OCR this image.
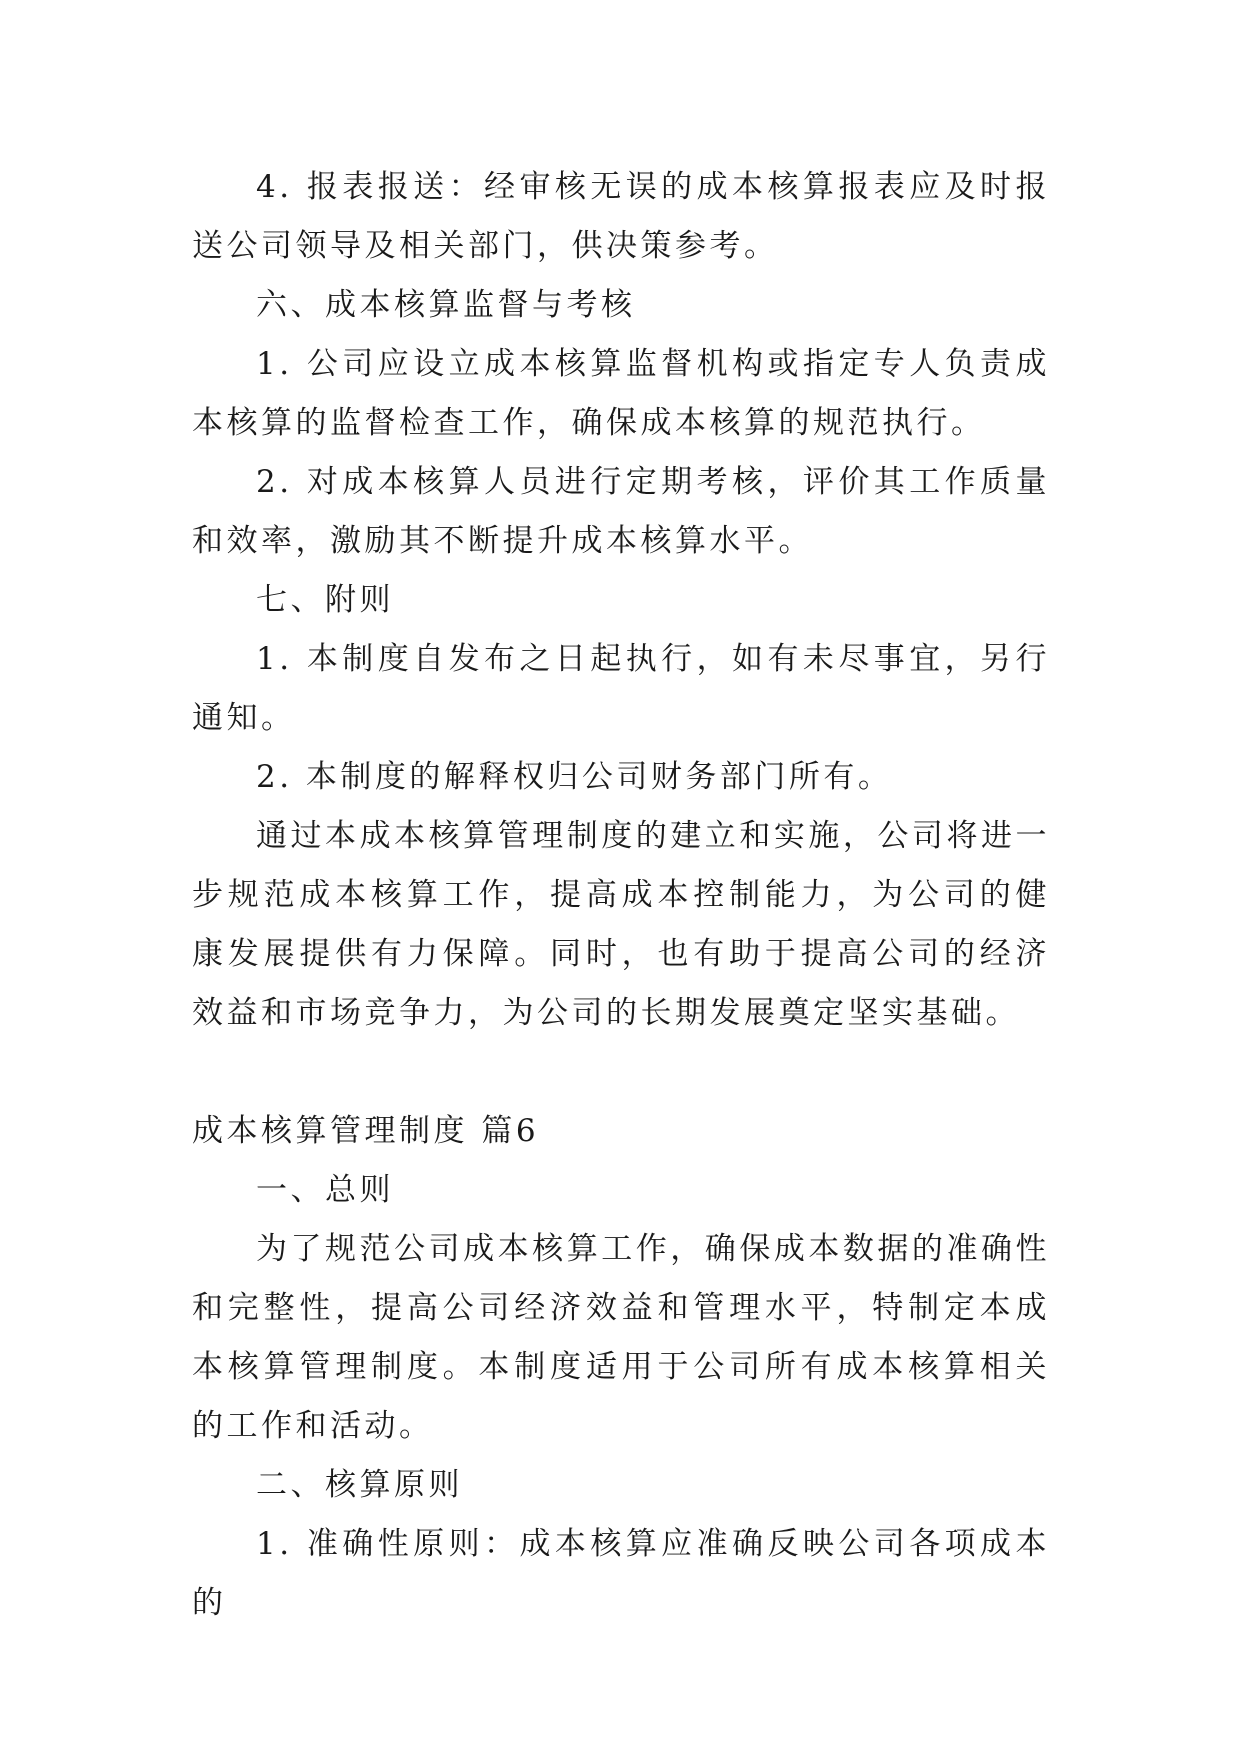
4. 报表报送：经审核无误的成本核算报表应及时报送公司领导及相关部门，供决策参考。

六、成本核算监督与考核

1. 公司应设立成本核算监督机构或指定专人负责成本核算的监督检查工作，确保成本核算的规范执行。

2. 对成本核算人员进行定期考核，评价其工作质量和效率，激励其不断提升成本核算水平。

七、附则

1. 本制度自发布之日起执行，如有未尽事宜，另行通知。

2. 本制度的解释权归公司财务部门所有。

通过本成本核算管理制度的建立和实施，公司将进一步规范成本核算工作，提高成本控制能力，为公司的健康发展提供有力保障。同时，也有助于提高公司的经济效益和市场竞争力，为公司的长期发展奠定坚实基础。

成本核算管理制度 篇6

一、总则

为了规范公司成本核算工作，确保成本数据的准确性和完整性，提高公司经济效益和管理水平，特制定本成本核算管理制度。本制度适用于公司所有成本核算相关的工作和活动。

二、核算原则

1. 准确性原则：成本核算应准确反映公司各项成本的
